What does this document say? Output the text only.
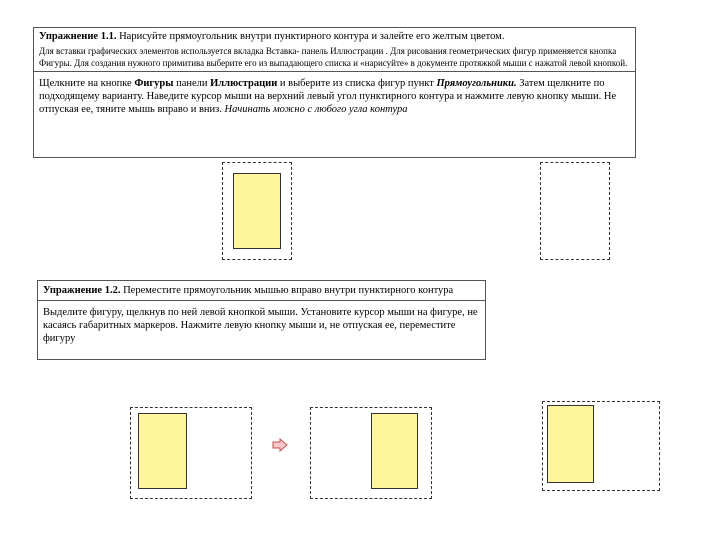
Упражнение 1.1. Нарисуйте прямоугольник внутри пунктирного контура и залейте его желтым цветом.
Для вставки графических элементов используется вкладка Вставка- панель Иллюстрации . Для рисования геометрических фигур применяется кнопка Фигуры. Для создания нужного примитива выберите его из выпадающего списка и «нарисуйте» в документе протяжкой мыши с нажатой левой кнопкой.
Щелкните на кнопке Фигуры панели Иллюстрации и выберите из списка фигур пункт Прямоугольники. Затем щелкните по подходящему варианту. Наведите курсор мыши на верхний левый угол пунктирного контура и нажмите левую кнопку мыши. Не отпуская ее, тяните мышь вправо и вниз. Начинать можно с любого угла контура
Упражнение 1.2. Переместите прямоугольник мышью вправо внутри пунктирного контура
Выделите фигуру, щелкнув по ней левой кнопкой мыши. Установите курсор мыши на фигуре, не касаясь габаритных маркеров. Нажмите левую кнопку мыши и, не отпуская ее, переместите фигуру
